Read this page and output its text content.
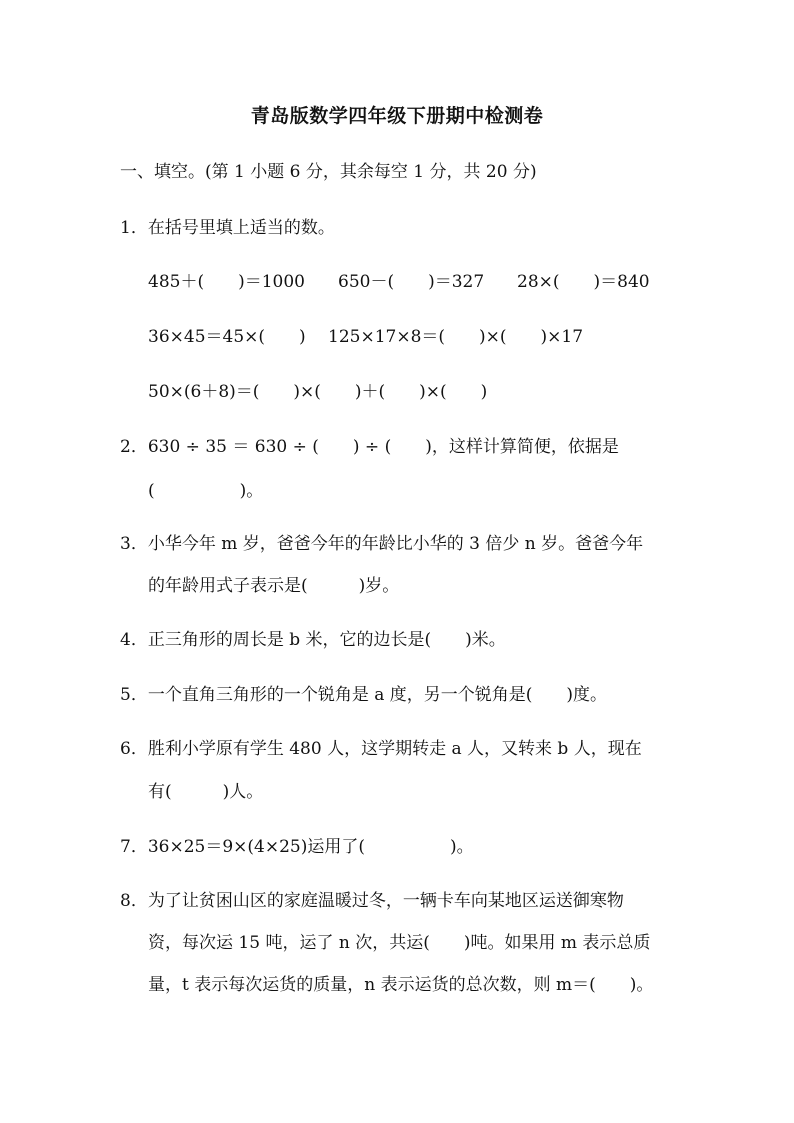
青岛版数学四年级下册期中检测卷
一、填空。(第 1 小题 6 分，其余每空 1 分，共 20 分)
1．在括号里填上适当的数。
485＋(　　)＝1000 650－(　　)＝327 28×(　　)＝840
36×45＝45×(　　) 125×17×8＝(　　)×(　　)×17
50×(6＋8)＝(　　)×(　　)＋(　　)×(　　)
2．630 ÷ 35 ＝ 630 ÷ (　　) ÷ (　　)，这样计算简便，依据是
(　　　　　)。
3．小华今年 m 岁，爸爸今年的年龄比小华的 3 倍少 n 岁。爸爸今年
的年龄用式子表示是(　　　)岁。
4．正三角形的周长是 b 米，它的边长是(　　)米。
5．一个直角三角形的一个锐角是 a 度，另一个锐角是(　　)度。
6．胜利小学原有学生 480 人，这学期转走 a 人，又转来 b 人，现在
有(　　　)人。
7．36×25＝9×(4×25)运用了(　　　　　)。
8．为了让贫困山区的家庭温暖过冬，一辆卡车向某地区运送御寒物
资，每次运 15 吨，运了 n 次，共运(　　)吨。如果用 m 表示总质
量，t 表示每次运货的质量，n 表示运货的总次数，则 m＝(　　)。
